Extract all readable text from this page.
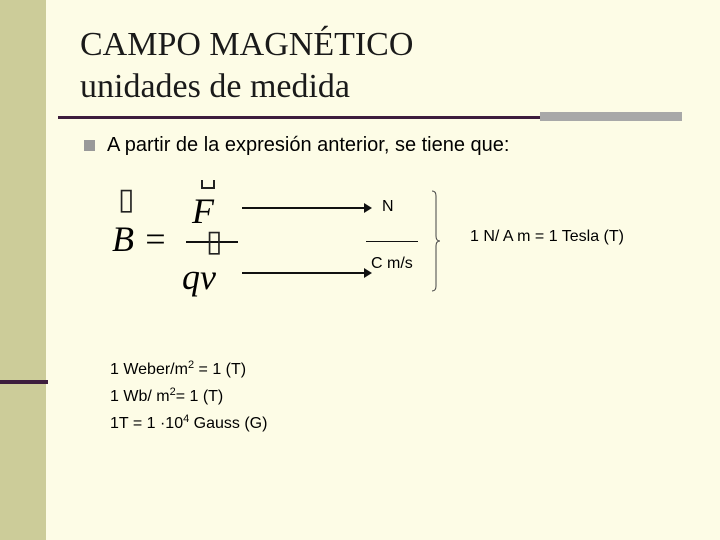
CAMPO MAGNÉTICO
unidades de medida
A partir de la expresión anterior, se tiene que:
▯
B =
F
▯
qv
N
C m/s
1 N/ A m = 1 Tesla (T)
1 Weber/$m^2 = 1$ (T)
1 Wb/ $m^2= 1$ (T)
$1T = 1 \cdot 10^4$ Gauss (G)
